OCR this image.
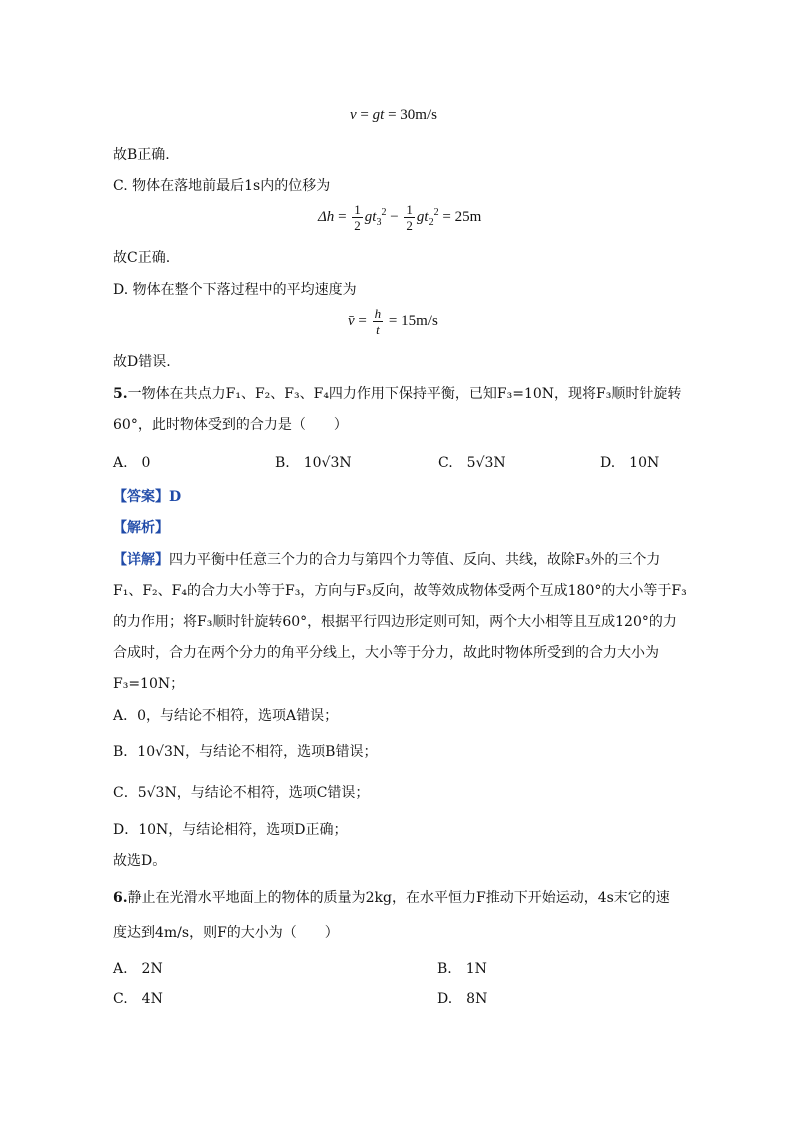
v = gt = 30m/s
故B正确.
C. 物体在落地前最后1s内的位移为
$\Delta h = \frac{1}{2} gt_3^2 - \frac{1}{2} gt_2^2 = 25m$
故C正确.
D. 物体在整个下落过程中的平均速度为
v̄ = $\frac{h}{t} = 15m/s$
故D错误.
5.一物体在共点力F₁、F₂、F₃、F₄四力作用下保持平衡，已知F₃=10N，现将F₃顺时针旋转
60°，此时物体受到的合力是（　　）
A.　0	B.　10√3N	C.　5√3N	D.　10N
【答案】D
【解析】
【详解】四力平衡中任意三个力的合力与第四个力等值、反向、共线，故除F₃外的三个力
F₁、F₂、F₄的合力大小等于F₃，方向与F₃反向，故等效成物体受两个互成180°的大小等于F₃
的力作用；将F₃顺时针旋转60°，根据平行四边形定则可知，两个大小相等且互成120°的力
合成时，合力在两个分力的角平分线上，大小等于分力，故此时物体所受到的合力大小为
F₃=10N；
A．0，与结论不相符，选项A错误；
B．10√3N，与结论不相符，选项B错误；
C．5√3N，与结论不相符，选项C错误；
D．10N，与结论相符，选项D正确；
故选D。
6.静止在光滑水平地面上的物体的质量为2kg，在水平恒力F推动下开始运动，4s末它的速
度达到4m/s，则F的大小为（　　）
A.　2N	B.　1N
C.　4N	D.　8N
